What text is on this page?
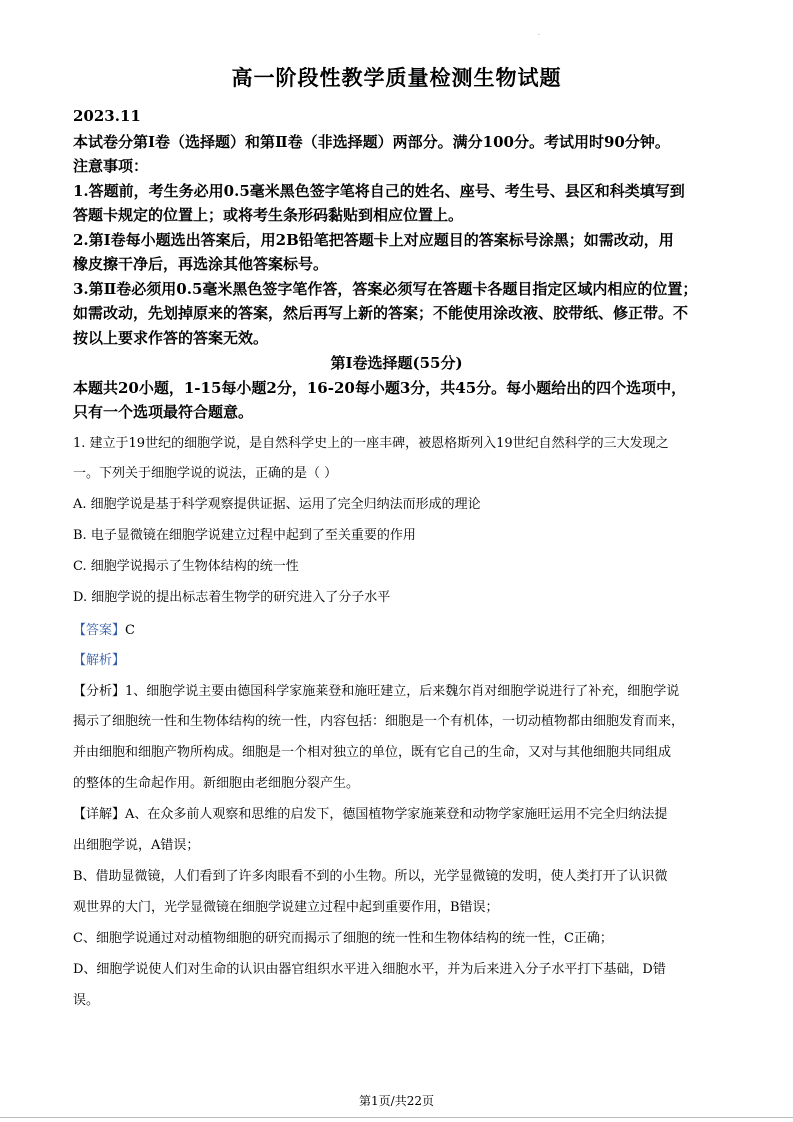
.
高一阶段性教学质量检测生物试题
2023.11
本试卷分第Ⅰ卷（选择题）和第Ⅱ卷（非选择题）两部分。满分100分。考试用时90分钟。
注意事项：
1.答题前，考生务必用0.5毫米黑色签字笔将自己的姓名、座号、考生号、县区和科类填写到
答题卡规定的位置上；或将考生条形码黏贴到相应位置上。
2.第Ⅰ卷每小题选出答案后，用2B铅笔把答题卡上对应题目的答案标号涂黑；如需改动，用
橡皮擦干净后，再选涂其他答案标号。
3.第Ⅱ卷必须用0.5毫米黑色签字笔作答，答案必须写在答题卡各题目指定区域内相应的位置；
如需改动，先划掉原来的答案，然后再写上新的答案；不能使用涂改液、胶带纸、修正带。不
按以上要求作答的答案无效。
第Ⅰ卷选择题(55分)
本题共20小题，1-15每小题2分，16-20每小题3分，共45分。每小题给出的四个选项中，
只有一个选项最符合题意。
1. 建立于19世纪的细胞学说，是自然科学史上的一座丰碑，被恩格斯列入19世纪自然科学的三大发现之
一。下列关于细胞学说的说法，正确的是（ ）
A. 细胞学说是基于科学观察提供证据、运用了完全归纳法而形成的理论
B. 电子显微镜在细胞学说建立过程中起到了至关重要的作用
C. 细胞学说揭示了生物体结构的统一性
D. 细胞学说的提出标志着生物学的研究进入了分子水平
【答案】C
【解析】
【分析】1、细胞学说主要由德国科学家施莱登和施旺建立，后来魏尔肖对细胞学说进行了补充，细胞学说
揭示了细胞统一性和生物体结构的统一性，内容包括：细胞是一个有机体，一切动植物都由细胞发育而来，
并由细胞和细胞产物所构成。细胞是一个相对独立的单位，既有它自己的生命，又对与其他细胞共同组成
的整体的生命起作用。新细胞由老细胞分裂产生。
【详解】A、在众多前人观察和思维的启发下，德国植物学家施莱登和动物学家施旺运用不完全归纳法提
出细胞学说，A错误；
B、借助显微镜，人们看到了许多肉眼看不到的小生物。所以，光学显微镜的发明，使人类打开了认识微
观世界的大门，光学显微镜在细胞学说建立过程中起到重要作用，B错误；
C、细胞学说通过对动植物细胞的研究而揭示了细胞的统一性和生物体结构的统一性，C正确；
D、细胞学说使人们对生命的认识由器官组织水平进入细胞水平，并为后来进入分子水平打下基础，D错
误。
第1页/共22页
